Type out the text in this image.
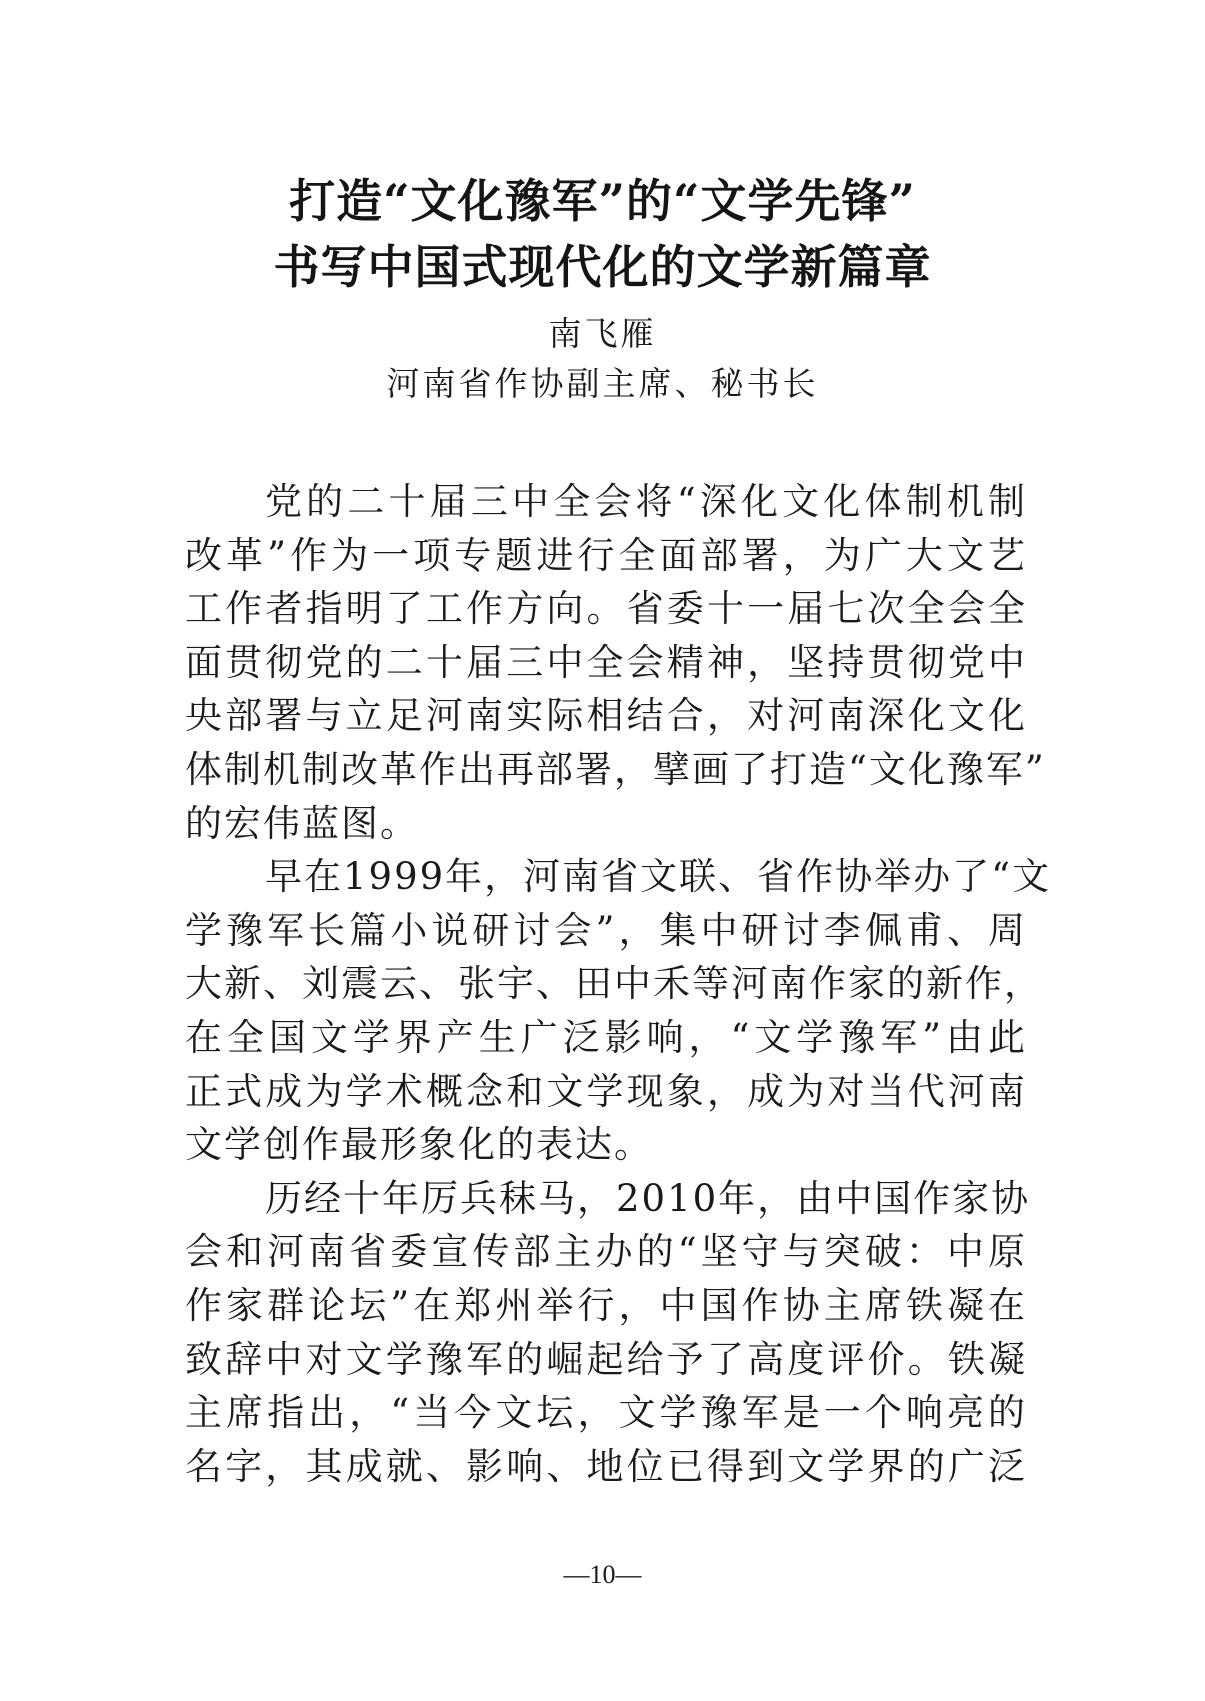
打造“文化豫军”的“文学先锋”
书写中国式现代化的文学新篇章
南飞雁
河南省作协副主席、秘书长
党的二十届三中全会将“深化文化体制机制
改革”作为一项专题进行全面部署，为广大文艺
工作者指明了工作方向。省委十一届七次全会全
面贯彻党的二十届三中全会精神，坚持贯彻党中
央部署与立足河南实际相结合，对河南深化文化
体制机制改革作出再部署，擘画了打造“文化豫军”
的宏伟蓝图。
早在1999年，河南省文联、省作协举办了“文
学豫军长篇小说研讨会”，集中研讨李佩甫、周
大新、刘震云、张宇、田中禾等河南作家的新作，
在全国文学界产生广泛影响，“文学豫军”由此
正式成为学术概念和文学现象，成为对当代河南
文学创作最形象化的表达。
历经十年厉兵秣马，2010年，由中国作家协
会和河南省委宣传部主办的“坚守与突破：中原
作家群论坛”在郑州举行，中国作协主席铁凝在
致辞中对文学豫军的崛起给予了高度评价。铁凝
主席指出，“当今文坛，文学豫军是一个响亮的
名字，其成就、影响、地位已得到文学界的广泛
—10—
